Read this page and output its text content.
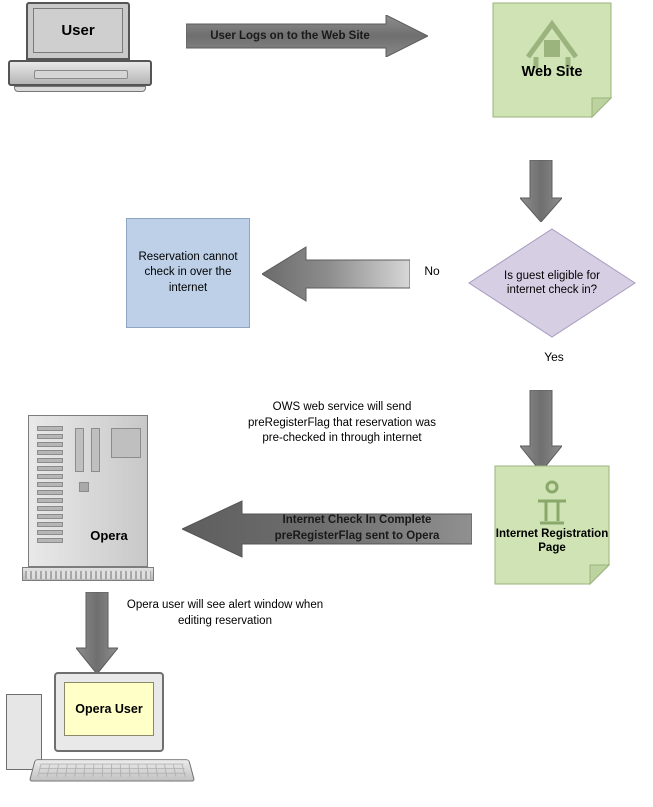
User	User Logs on to the Web Site
Web Site
Is guest eligible for internet check in?
No
Yes
Reservation cannot check in over the internet
Internet Registration Page
OWS web service will send preRegisterFlag that reservation was pre-checked in through internet
Internet Check In Complete preRegisterFlag sent to Opera
Opera
Opera user will see alert window when editing reservation
Opera User
